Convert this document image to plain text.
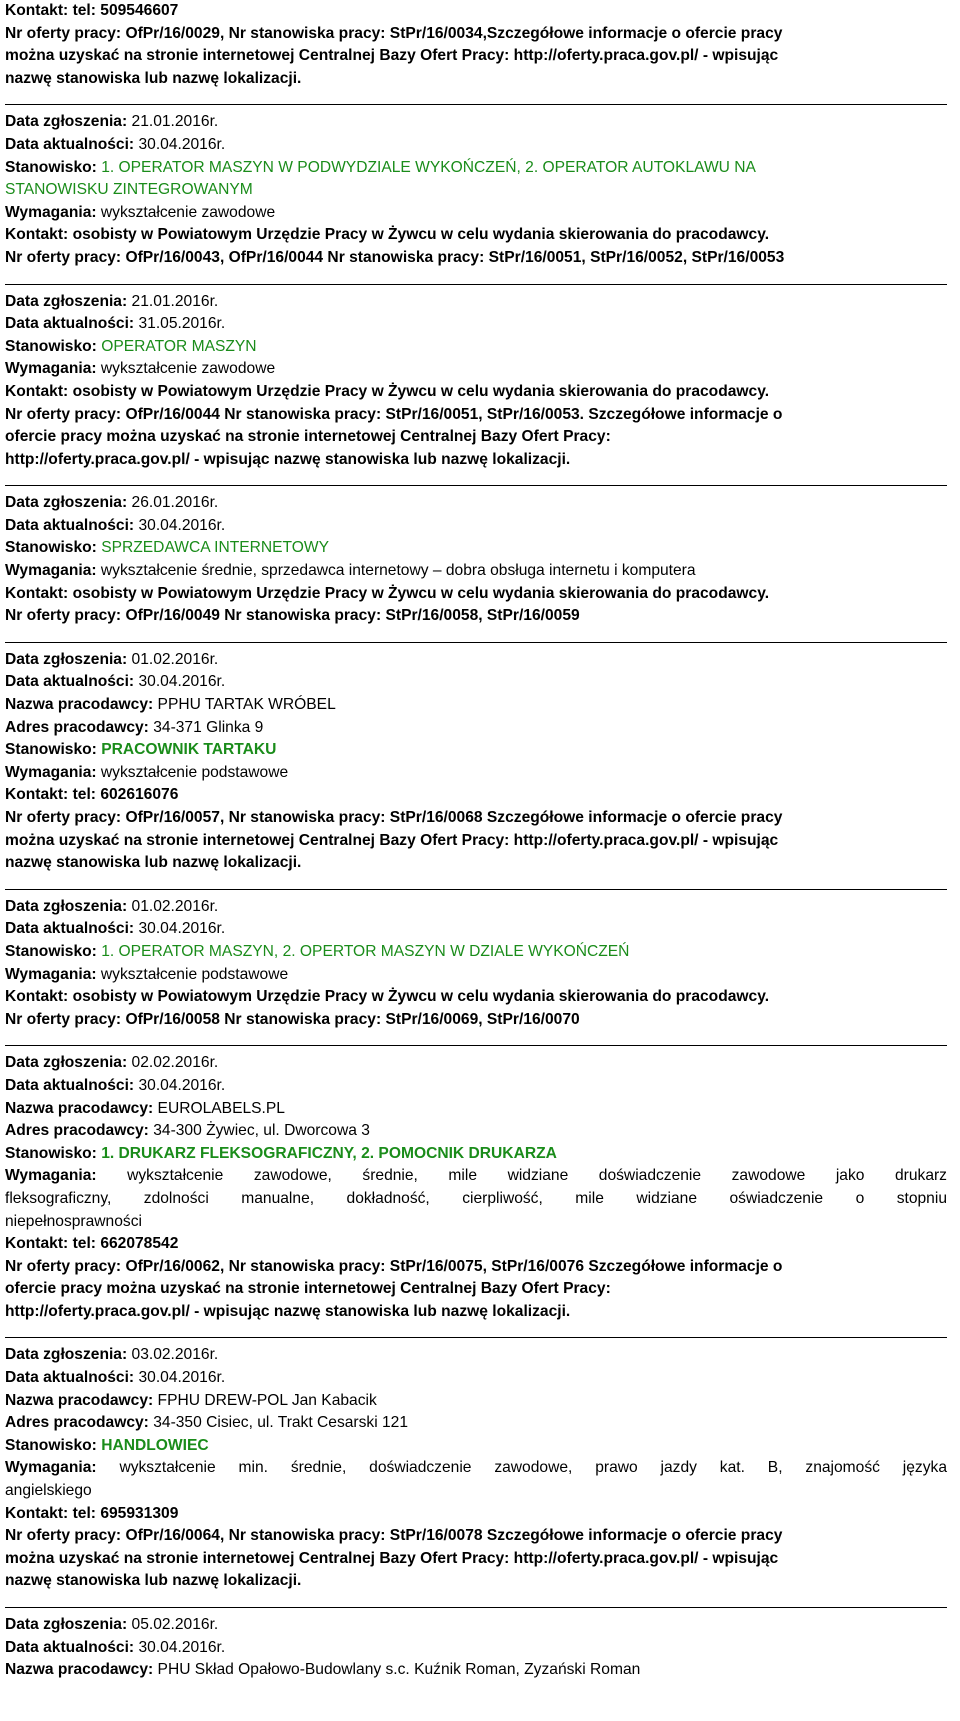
Kontakt: tel: 509546607
Nr oferty pracy: OfPr/16/0029, Nr stanowiska pracy: StPr/16/0034,Szczegółowe informacje o ofercie pracy
można uzyskać na stronie internetowej Centralnej Bazy Ofert Pracy: http://oferty.praca.gov.pl/ - wpisując
nazwę stanowiska lub nazwę lokalizacji.
Data zgłoszenia: 21.01.2016r.
Data aktualności: 30.04.2016r.
Stanowisko: 1. OPERATOR MASZYN W PODWYDZIALE WYKOŃCZEŃ, 2. OPERATOR AUTOKLAWU NA
STANOWISKU ZINTEGROWANYM
Wymagania: wykształcenie zawodowe
Kontakt: osobisty w Powiatowym Urzędzie Pracy w Żywcu w celu wydania skierowania do pracodawcy.
Nr oferty pracy: OfPr/16/0043, OfPr/16/0044 Nr stanowiska pracy: StPr/16/0051, StPr/16/0052, StPr/16/0053
Data zgłoszenia: 21.01.2016r.
Data aktualności: 31.05.2016r.
Stanowisko: OPERATOR MASZYN
Wymagania: wykształcenie zawodowe
Kontakt: osobisty w Powiatowym Urzędzie Pracy w Żywcu w celu wydania skierowania do pracodawcy.
Nr oferty pracy: OfPr/16/0044 Nr stanowiska pracy: StPr/16/0051, StPr/16/0053. Szczegółowe informacje o
ofercie pracy można uzyskać na stronie internetowej Centralnej Bazy Ofert Pracy:
http://oferty.praca.gov.pl/ - wpisując nazwę stanowiska lub nazwę lokalizacji.
Data zgłoszenia: 26.01.2016r.
Data aktualności: 30.04.2016r.
Stanowisko: SPRZEDAWCA INTERNETOWY
Wymagania: wykształcenie średnie, sprzedawca internetowy – dobra obsługa internetu i komputera
Kontakt: osobisty w Powiatowym Urzędzie Pracy w Żywcu w celu wydania skierowania do pracodawcy.
Nr oferty pracy: OfPr/16/0049 Nr stanowiska pracy: StPr/16/0058, StPr/16/0059
Data zgłoszenia: 01.02.2016r.
Data aktualności: 30.04.2016r.
Nazwa pracodawcy: PPHU TARTAK WRÓBEL
Adres pracodawcy: 34-371 Glinka 9
Stanowisko: PRACOWNIK TARTAKU
Wymagania: wykształcenie podstawowe
Kontakt: tel: 602616076
Nr oferty pracy: OfPr/16/0057, Nr stanowiska pracy: StPr/16/0068 Szczegółowe informacje o ofercie pracy
można uzyskać na stronie internetowej Centralnej Bazy Ofert Pracy: http://oferty.praca.gov.pl/ - wpisując
nazwę stanowiska lub nazwę lokalizacji.
Data zgłoszenia: 01.02.2016r.
Data aktualności: 30.04.2016r.
Stanowisko: 1. OPERATOR MASZYN, 2. OPERTOR MASZYN W DZIALE WYKOŃCZEŃ
Wymagania: wykształcenie podstawowe
Kontakt: osobisty w Powiatowym Urzędzie Pracy w Żywcu w celu wydania skierowania do pracodawcy.
Nr oferty pracy: OfPr/16/0058 Nr stanowiska pracy: StPr/16/0069, StPr/16/0070
Data zgłoszenia: 02.02.2016r.
Data aktualności: 30.04.2016r.
Nazwa pracodawcy: EUROLABELS.PL
Adres pracodawcy: 34-300 Żywiec, ul. Dworcowa 3
Stanowisko: 1. DRUKARZ FLEKSOGRAFICZNY, 2. POMOCNIK DRUKARZA
Wymagania: wykształcenie zawodowe, średnie, mile widziane doświadczenie zawodowe jako drukarz
fleksograficzny, zdolności manualne, dokładność, cierpliwość, mile widziane oświadczenie o stopniu
niepełnosprawności
Kontakt: tel: 662078542
Nr oferty pracy: OfPr/16/0062, Nr stanowiska pracy: StPr/16/0075, StPr/16/0076 Szczegółowe informacje o
ofercie pracy można uzyskać na stronie internetowej Centralnej Bazy Ofert Pracy:
http://oferty.praca.gov.pl/ - wpisując nazwę stanowiska lub nazwę lokalizacji.
Data zgłoszenia: 03.02.2016r.
Data aktualności: 30.04.2016r.
Nazwa pracodawcy: FPHU DREW-POL Jan Kabacik
Adres pracodawcy: 34-350 Cisiec, ul. Trakt Cesarski 121
Stanowisko: HANDLOWIEC
Wymagania: wykształcenie min. średnie, doświadczenie zawodowe, prawo jazdy kat. B, znajomość języka
angielskiego
Kontakt: tel: 695931309
Nr oferty pracy: OfPr/16/0064, Nr stanowiska pracy: StPr/16/0078 Szczegółowe informacje o ofercie pracy
można uzyskać na stronie internetowej Centralnej Bazy Ofert Pracy: http://oferty.praca.gov.pl/ - wpisując
nazwę stanowiska lub nazwę lokalizacji.
Data zgłoszenia: 05.02.2016r.
Data aktualności: 30.04.2016r.
Nazwa pracodawcy: PHU Skład Opałowo-Budowlany s.c. Kuźnik Roman, Zyzański Roman
